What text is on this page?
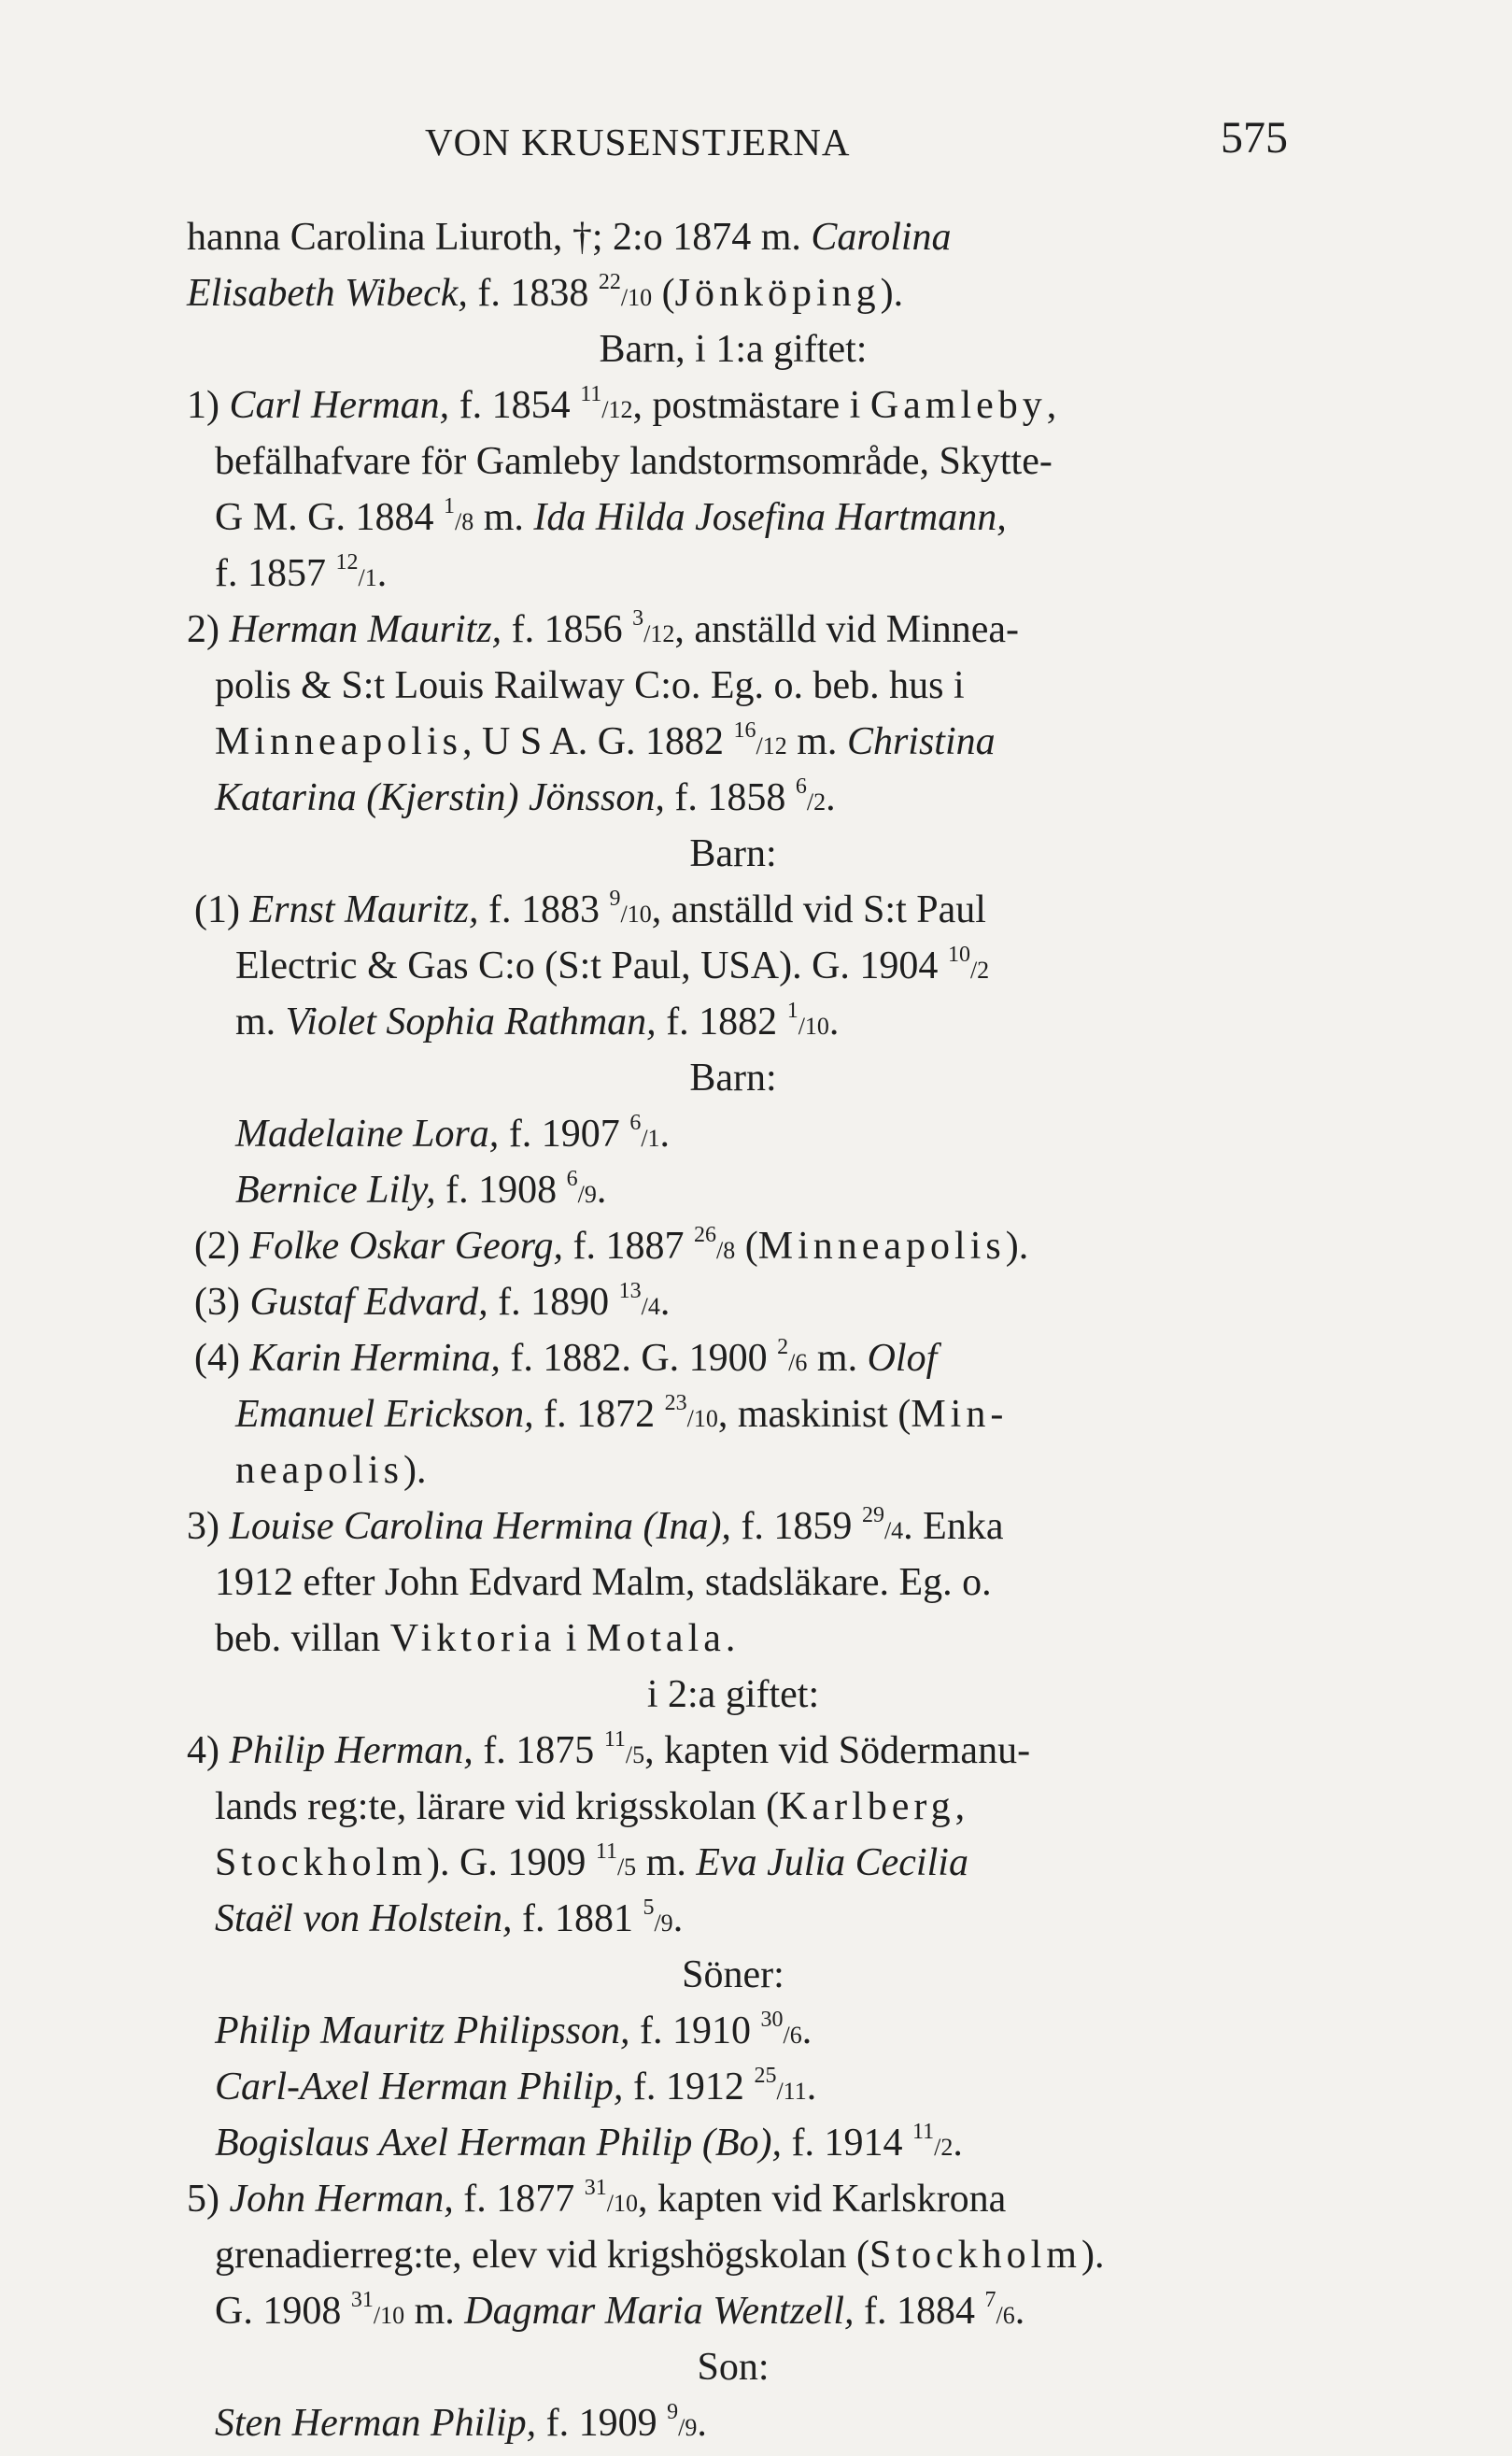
VON KRUSENSTJERNA	575
hanna Carolina Liuroth, †; 2:o 1874 m. Carolina
Elisabeth Wibeck, f. 1838 $^{22}$/10 (Jönköping).
Barn, i 1:a giftet:
1) Carl Herman, f. 1854 $^{11}$/12, postmästare i Gamleby,
befälhafvare för Gamleby landstormsområde, Skytte-
G M. G. 1884 $^1$/8 m. Ida Hilda Josefina Hartmann,
f. 1857 $^{12}$/1.
2) Herman Mauritz, f. 1856 $^3$/12, anställd vid Minnea-
polis & S:t Louis Railway C:o. Eg. o. beb. hus i
Minneapolis, U S A. G. 1882 $^{16}$/12 m. Christina
Katarina (Kjerstin) Jönsson, f. 1858 $^6$/2.
Barn:
(1) Ernst Mauritz, f. 1883 $^9$/10, anställd vid S:t Paul
Electric & Gas C:o (S:t Paul, USA). G. 1904 $^{10}$/2
m. Violet Sophia Rathman, f. 1882 $^1$/10.
Barn:
Madelaine Lora, f. 1907 $^6$/1.
Bernice Lily, f. 1908 $^6$/9.
(2) Folke Oskar Georg, f. 1887 $^{26}$/8 (Minneapolis).
(3) Gustaf Edvard, f. 1890 $^{13}$/4.
(4) Karin Hermina, f. 1882. G. 1900 $^2$/6 m. Olof
Emanuel Erickson, f. 1872 $^{23}$/10, maskinist (Min-
neapolis).
3) Louise Carolina Hermina (Ina), f. 1859 $^{29}$/4. Enka
1912 efter John Edvard Malm, stadsläkare. Eg. o.
beb. villan Viktoria i Motala.
i 2:a giftet:
4) Philip Herman, f. 1875 $^{11}$/5, kapten vid Södermanu-
lands reg:te, lärare vid krigsskolan (Karlberg,
Stockholm). G. 1909 $^{11}$/5 m. Eva Julia Cecilia
Staël von Holstein, f. 1881 $^5$/9.
Söner:
Philip Mauritz Philipsson, f. 1910 $^{30}$/6.
Carl-Axel Herman Philip, f. 1912 $^{25}$/11.
Bogislaus Axel Herman Philip (Bo), f. 1914 $^{11}$/2.
5) John Herman, f. 1877 $^{31}$/10, kapten vid Karlskrona
grenadierreg:te, elev vid krigshögskolan (Stockholm).
G. 1908 $^{31}$/10 m. Dagmar Maria Wentzell, f. 1884 $^7$/6.
Son:
Sten Herman Philip, f. 1909 $^9$/9.
